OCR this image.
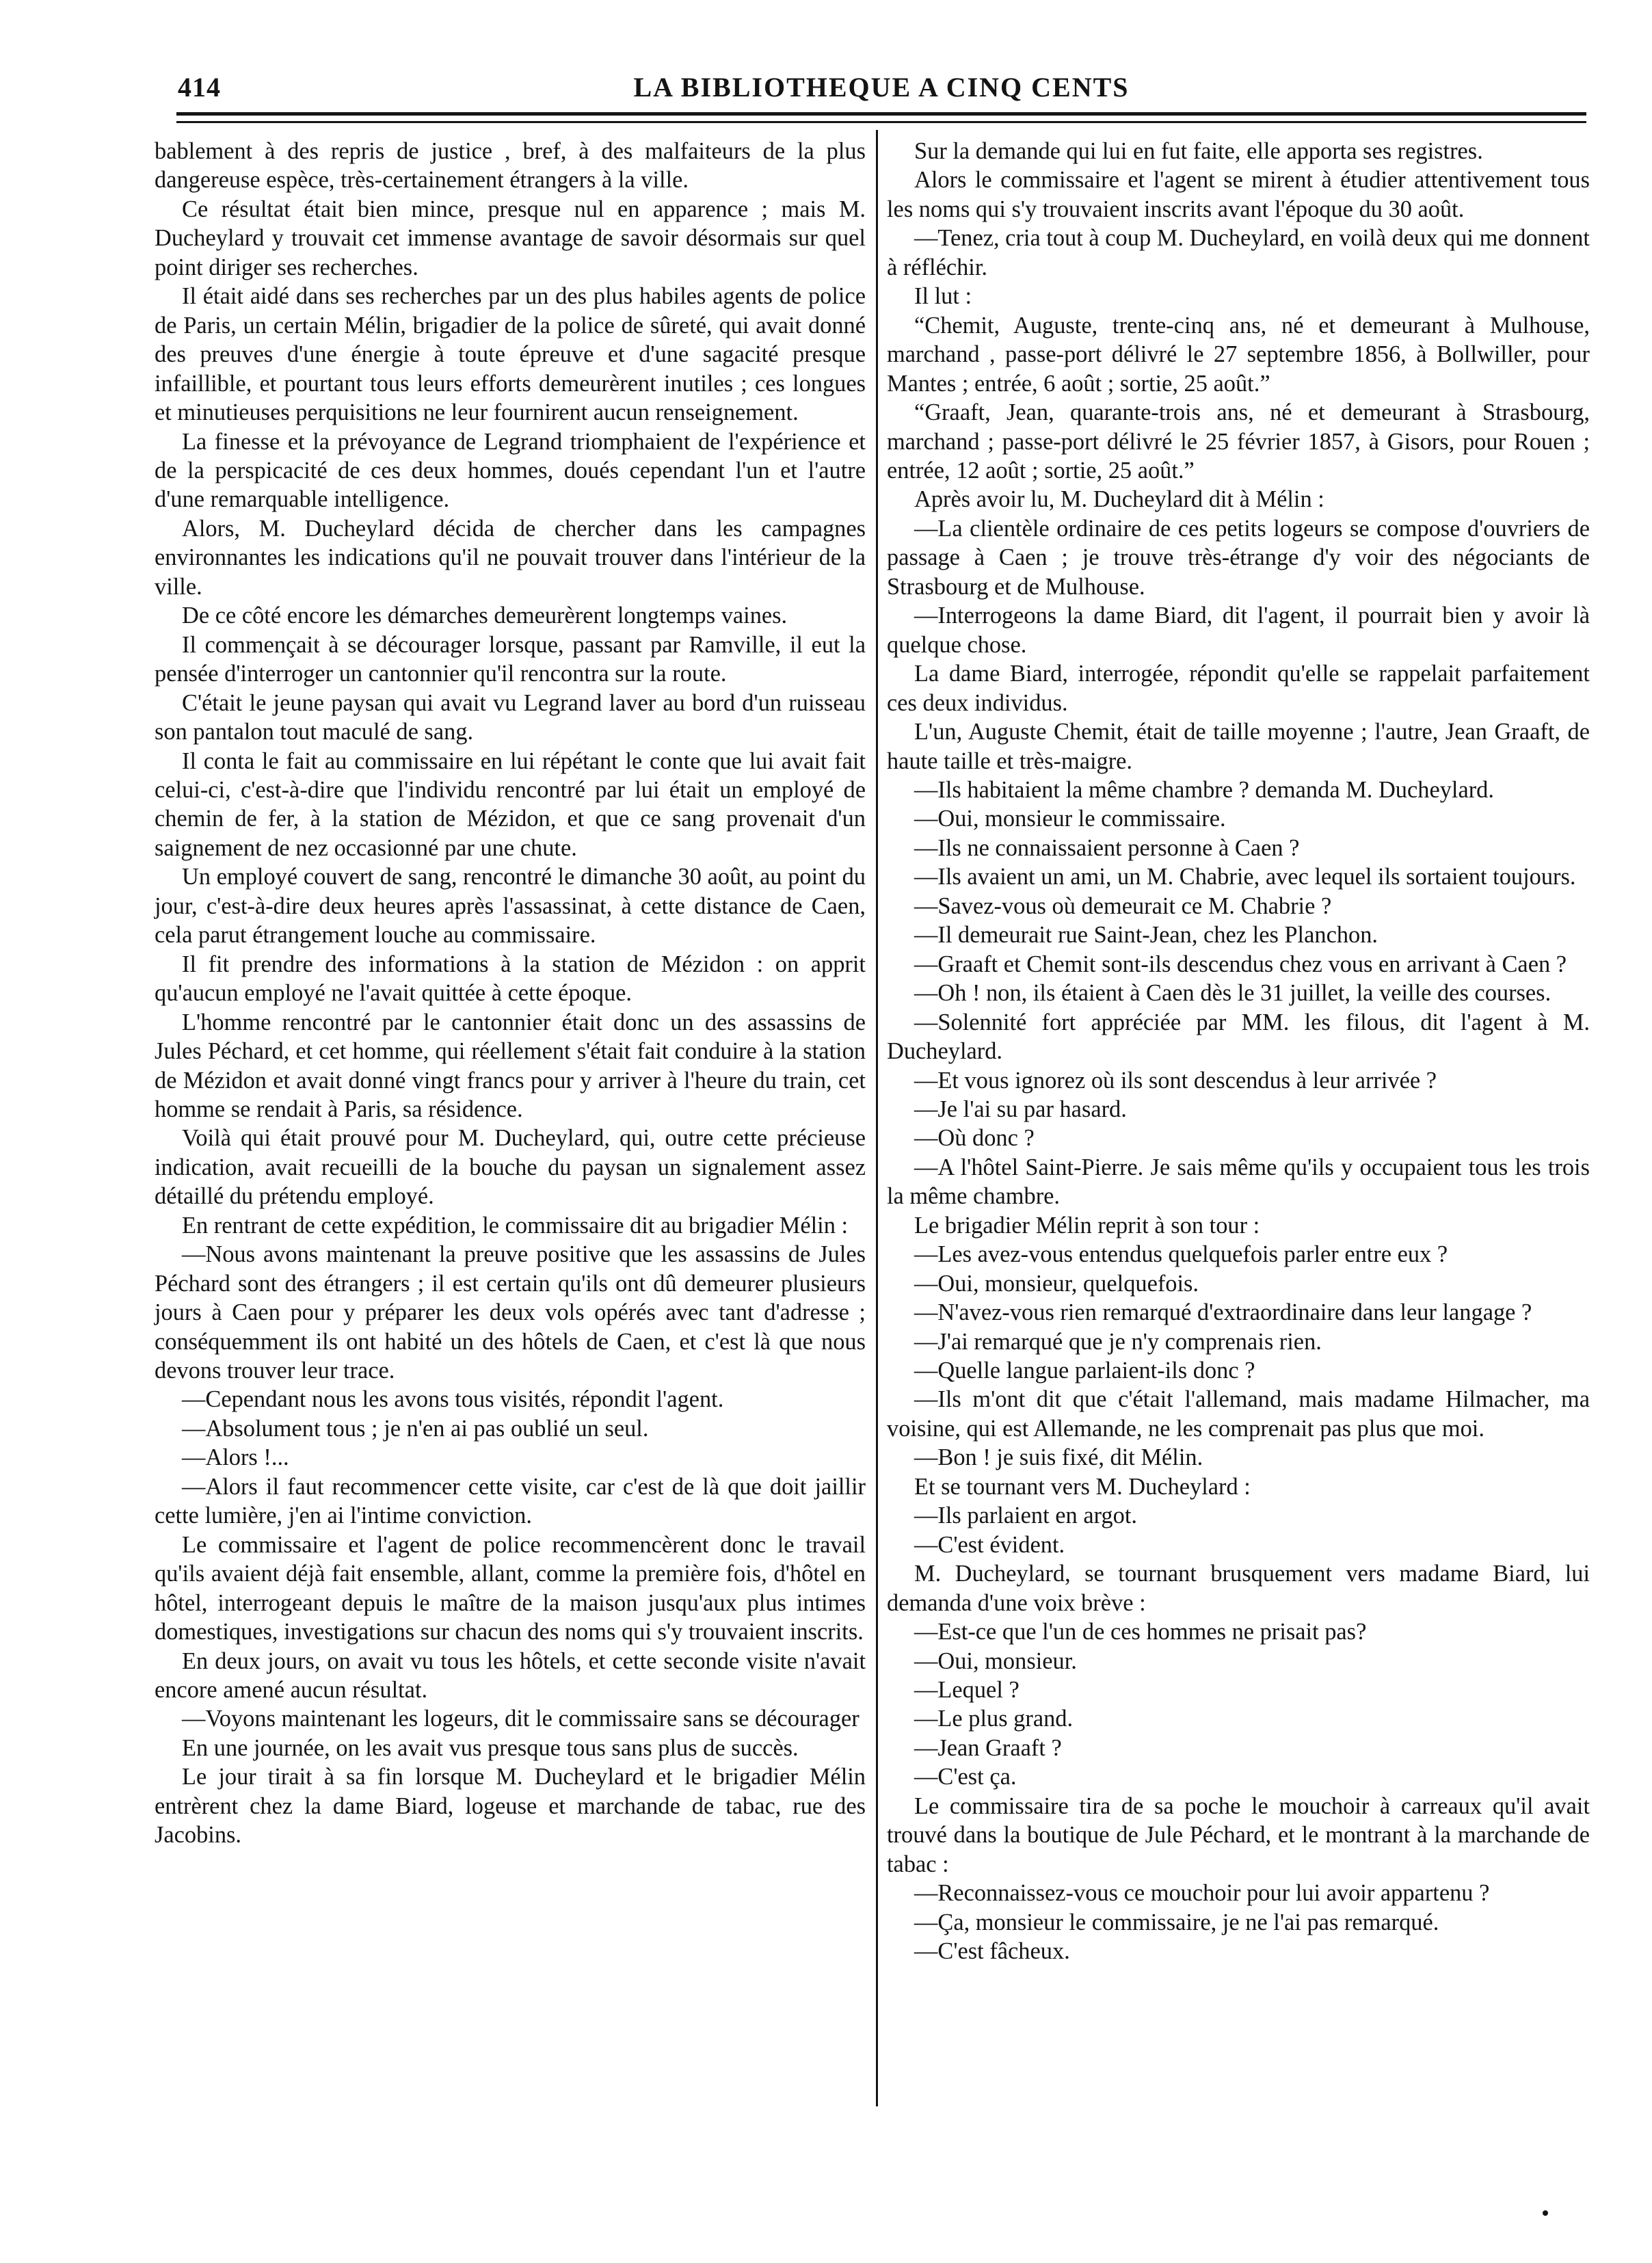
414	LA BIBLIOTHEQUE A CINQ CENTS

bablement à des repris de justice , bref, à des malfaiteurs de la plus dangereuse espèce, très-certainement étrangers à la ville.

Ce résultat était bien mince, presque nul en apparence ; mais M. Ducheylard y trouvait cet immense avantage de savoir désormais sur quel point diriger ses recherches.

Il était aidé dans ses recherches par un des plus habiles agents de police de Paris, un certain Mélin, brigadier de la police de sûreté, qui avait donné des preuves d'une énergie à toute épreuve et d'une sagacité presque infaillible, et pourtant tous leurs efforts demeurèrent inutiles ; ces longues et minutieuses perquisitions ne leur fournirent aucun renseignement.

La finesse et la prévoyance de Legrand triomphaient de l'expérience et de la perspicacité de ces deux hommes, doués cependant l'un et l'autre d'une remarquable intelligence.

Alors, M. Ducheylard décida de chercher dans les campagnes environnantes les indications qu'il ne pouvait trouver dans l'intérieur de la ville.

De ce côté encore les démarches demeurèrent longtemps vaines.

Il commençait à se décourager lorsque, passant par Ramville, il eut la pensée d'interroger un cantonnier qu'il rencontra sur la route.

C'était le jeune paysan qui avait vu Legrand laver au bord d'un ruisseau son pantalon tout maculé de sang.

Il conta le fait au commissaire en lui répétant le conte que lui avait fait celui-ci, c'est-à-dire que l'individu rencontré par lui était un employé de chemin de fer, à la station de Mézidon, et que ce sang provenait d'un saignement de nez occasionné par une chute.

Un employé couvert de sang, rencontré le dimanche 30 août, au point du jour, c'est-à-dire deux heures après l'assassinat, à cette distance de Caen, cela parut étrangement louche au commissaire.

Il fit prendre des informations à la station de Mézidon : on apprit qu'aucun employé ne l'avait quittée à cette époque.

L'homme rencontré par le cantonnier était donc un des assassins de Jules Péchard, et cet homme, qui réellement s'était fait conduire à la station de Mézidon et avait donné vingt francs pour y arriver à l'heure du train, cet homme se rendait à Paris, sa résidence.

Voilà qui était prouvé pour M. Ducheylard, qui, outre cette précieuse indication, avait recueilli de la bouche du paysan un signalement assez détaillé du prétendu employé.

En rentrant de cette expédition, le commissaire dit au brigadier Mélin :

—Nous avons maintenant la preuve positive que les assassins de Jules Péchard sont des étrangers ; il est certain qu'ils ont dû demeurer plusieurs jours à Caen pour y préparer les deux vols opérés avec tant d'adresse ; conséquemment ils ont habité un des hôtels de Caen, et c'est là que nous devons trouver leur trace.

—Cependant nous les avons tous visités, répondit l'agent.

—Absolument tous ; je n'en ai pas oublié un seul.

—Alors !...

—Alors il faut recommencer cette visite, car c'est de là que doit jaillir cette lumière, j'en ai l'intime conviction.

Le commissaire et l'agent de police recommencèrent donc le travail qu'ils avaient déjà fait ensemble, allant, comme la première fois, d'hôtel en hôtel, interrogeant depuis le maître de la maison jusqu'aux plus intimes domestiques, investigations sur chacun des noms qui s'y trouvaient inscrits.

En deux jours, on avait vu tous les hôtels, et cette seconde visite n'avait encore amené aucun résultat.

—Voyons maintenant les logeurs, dit le commissaire sans se décourager

En une journée, on les avait vus presque tous sans plus de succès.

Le jour tirait à sa fin lorsque M. Ducheylard et le brigadier Mélin entrèrent chez la dame Biard, logeuse et marchande de tabac, rue des Jacobins.

Sur la demande qui lui en fut faite, elle apporta ses registres.

Alors le commissaire et l'agent se mirent à étudier attentivement tous les noms qui s'y trouvaient inscrits avant l'époque du 30 août.

—Tenez, cria tout à coup M. Ducheylard, en voilà deux qui me donnent à réfléchir.

Il lut :

“Chemit, Auguste, trente-cinq ans, né et demeurant à Mulhouse, marchand , passe-port délivré le 27 septembre 1856, à Bollwiller, pour Mantes ; entrée, 6 août ; sortie, 25 août.”

“Graaft, Jean, quarante-trois ans, né et demeurant à Strasbourg, marchand ; passe-port délivré le 25 février 1857, à Gisors, pour Rouen ; entrée, 12 août ; sortie, 25 août.”

Après avoir lu, M. Ducheylard dit à Mélin :

—La clientèle ordinaire de ces petits logeurs se compose d'ouvriers de passage à Caen ; je trouve très-étrange d'y voir des négociants de Strasbourg et de Mulhouse.

—Interrogeons la dame Biard, dit l'agent, il pourrait bien y avoir là quelque chose.

La dame Biard, interrogée, répondit qu'elle se rappelait parfaitement ces deux individus.

L'un, Auguste Chemit, était de taille moyenne ; l'autre, Jean Graaft, de haute taille et très-maigre.

—Ils habitaient la même chambre ? demanda M. Ducheylard.

—Oui, monsieur le commissaire.

—Ils ne connaissaient personne à Caen ?

—Ils avaient un ami, un M. Chabrie, avec lequel ils sortaient toujours.

—Savez-vous où demeurait ce M. Chabrie ?

—Il demeurait rue Saint-Jean, chez les Planchon.

—Graaft et Chemit sont-ils descendus chez vous en arrivant à Caen ?

—Oh ! non, ils étaient à Caen dès le 31 juillet, la veille des courses.

—Solennité fort appréciée par MM. les filous, dit l'agent à M. Ducheylard.

—Et vous ignorez où ils sont descendus à leur arrivée ?

—Je l'ai su par hasard.

—Où donc ?

—A l'hôtel Saint-Pierre. Je sais même qu'ils y occupaient tous les trois la même chambre.

Le brigadier Mélin reprit à son tour :

—Les avez-vous entendus quelquefois parler entre eux ?

—Oui, monsieur, quelquefois.

—N'avez-vous rien remarqué d'extraordinaire dans leur langage ?

—J'ai remarqué que je n'y comprenais rien.

—Quelle langue parlaient-ils donc ?

—Ils m'ont dit que c'était l'allemand, mais madame Hilmacher, ma voisine, qui est Allemande, ne les comprenait pas plus que moi.

—Bon ! je suis fixé, dit Mélin.

Et se tournant vers M. Ducheylard :

—Ils parlaient en argot.

—C'est évident.

M. Ducheylard, se tournant brusquement vers madame Biard, lui demanda d'une voix brève :

—Est-ce que l'un de ces hommes ne prisait pas?

—Oui, monsieur.

—Lequel ?

—Le plus grand.

—Jean Graaft ?

—C'est ça.

Le commissaire tira de sa poche le mouchoir à carreaux qu'il avait trouvé dans la boutique de Jule Péchard, et le montrant à la marchande de tabac :

—Reconnaissez-vous ce mouchoir pour lui avoir appartenu ?

—Ça, monsieur le commissaire, je ne l'ai pas remarqué.

—C'est fâcheux.
